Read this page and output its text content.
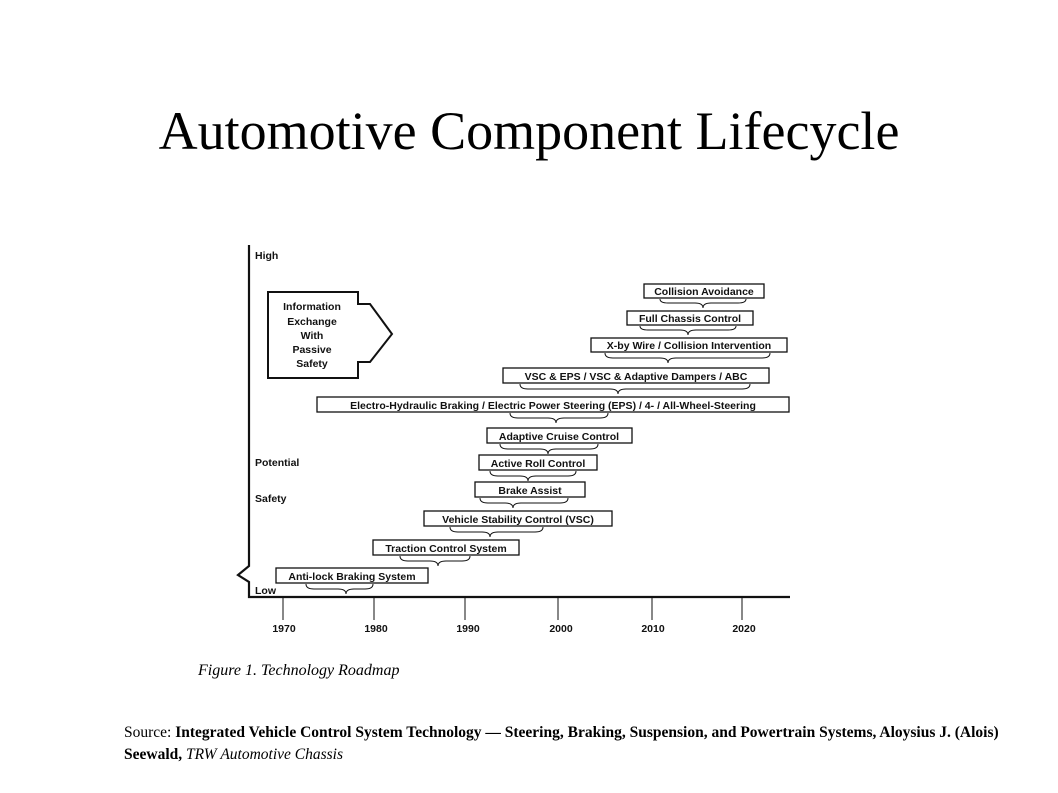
Automotive Component Lifecycle
High
Potential
Safety
Low
Information
Exchange
With
Passive
Safety
Collision Avoidance
Full Chassis Control
X-by Wire / Collision Intervention
VSC & EPS / VSC & Adaptive Dampers / ABC
Electro-Hydraulic Braking / Electric Power Steering (EPS) / 4- / All-Wheel-Steering
Adaptive Cruise Control
Active Roll Control
Brake Assist
Vehicle Stability Control (VSC)
Traction Control System
Anti-lock Braking System
1970	1980	1990	2000	2010	2020
Figure 1. Technology Roadmap
Source: Integrated Vehicle Control System Technology — Steering, Braking, Suspension, and Powertrain Systems, Aloysius J. (Alois) Seewald, TRW Automotive Chassis
